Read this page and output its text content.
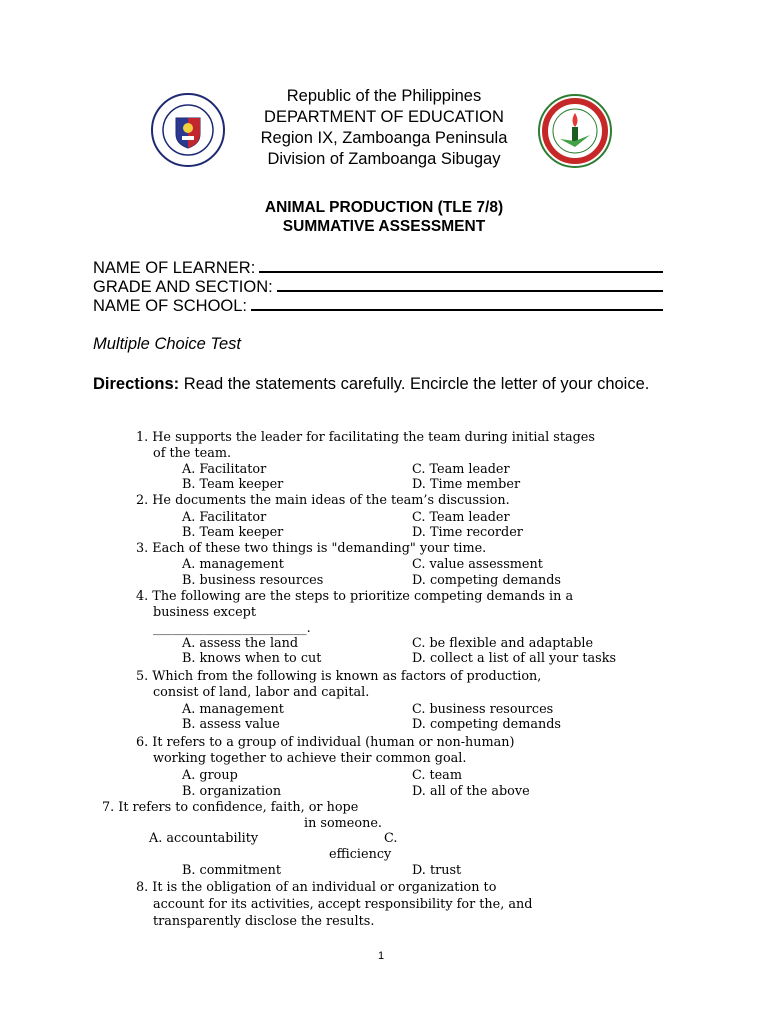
Republic of the Philippines
DEPARTMENT OF EDUCATION
Region IX, Zamboanga Peninsula
Division of Zamboanga Sibugay
ANIMAL PRODUCTION (TLE 7/8)
SUMMATIVE ASSESSMENT
NAME OF LEARNER:
GRADE AND SECTION:
NAME OF SCHOOL:
Multiple Choice Test
Directions: Read the statements carefully. Encircle the letter of your choice.
1. He supports the leader for facilitating the team during initial stages
of the team.
A. Facilitator	C. Team leader
B. Team keeper	D. Time member
2. He documents the main ideas of the team’s discussion.
A. Facilitator	C. Team leader
B. Team keeper	D. Time recorder
3. Each of these two things is "demanding" your time.
A. management	C. value assessment
B. business resources	D. competing demands
4. The following are the steps to prioritize competing demands in a
business except
________________________.
A. assess the land	C. be flexible and adaptable
B. knows when to cut	D. collect a list of all your tasks
5. Which from the following is known as factors of production,
consist of land, labor and capital.
A. management	C. business resources
B. assess value	D. competing demands
6. It refers to a group of individual (human or non-human)
working together to achieve their common goal.
A. group	C. team
B. organization	D. all of the above
7. It refers to confidence, faith, or hope
in someone.
A. accountability	C.
efficiency
B. commitment	D. trust
8. It is the obligation of an individual or organization to
account for its activities, accept responsibility for the, and
transparently disclose the results.
1
